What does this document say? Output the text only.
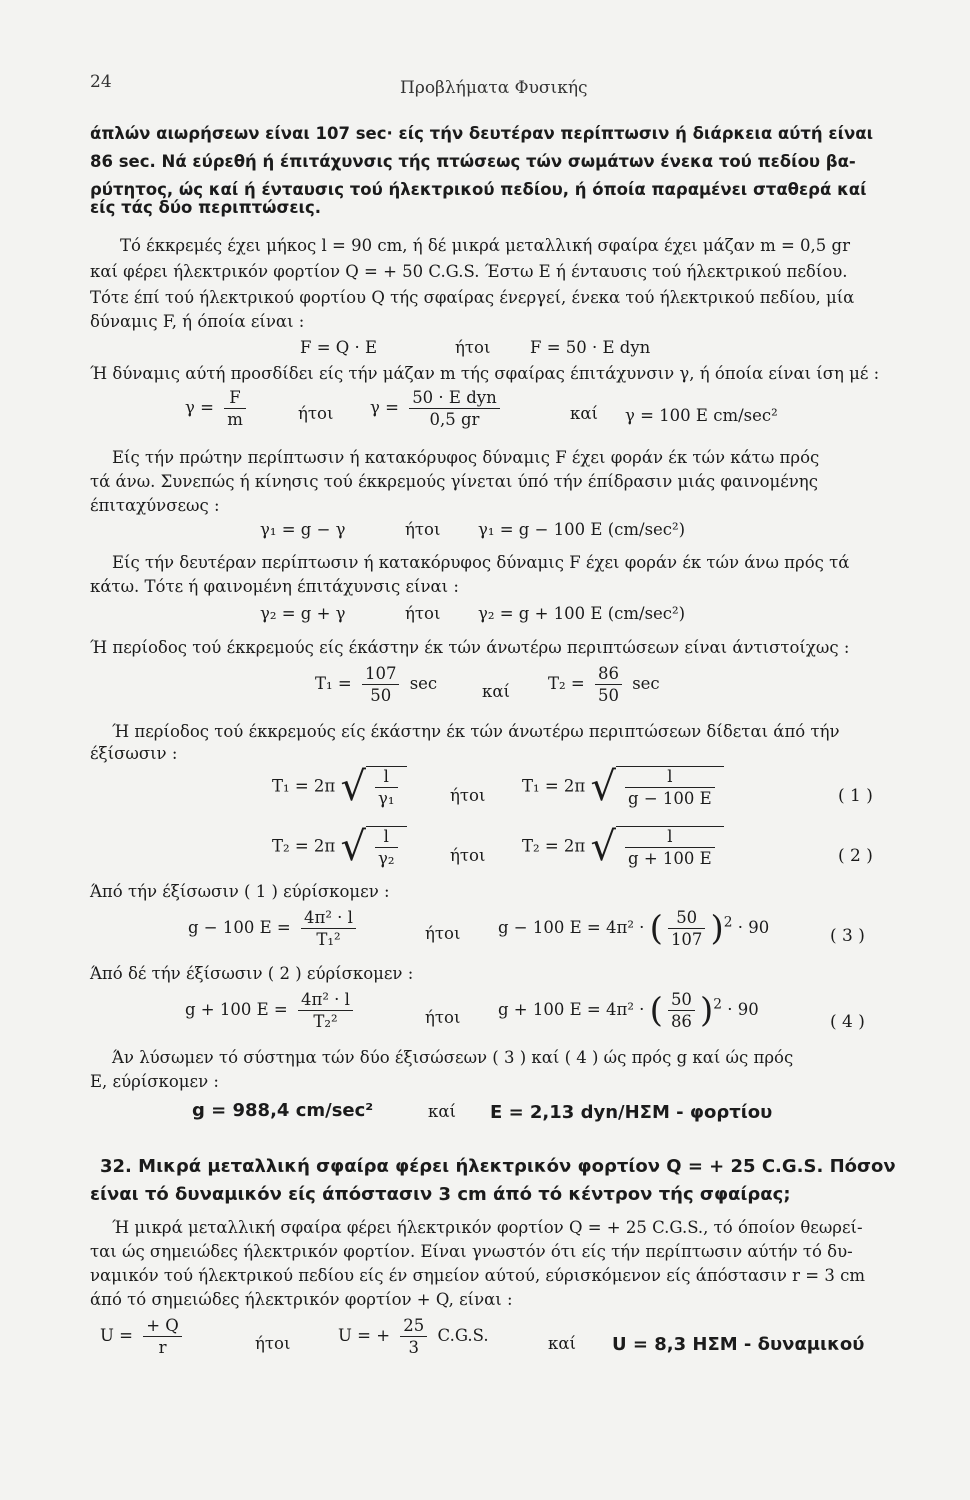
24	Προβλήματα Φυσικής
άπλών αιωρήσεων είναι 107 sec· είς τήν δευτέραν περίπτωσιν ή διάρκεια αύτή είναι
86 sec. Νά εύρεθή ή έπιτάχυνσις τής πτώσεως τών σωμάτων ένεκα τού πεδίου βα-
ρύτητος, ώς καί ή ένταυσις τού ήλεκτρικού πεδίου, ή όποία παραμένει σταθερά καί
είς τάς δύο περιπτώσεις.
Τό έκκρεμές έχει μήκος l = 90 cm, ή δέ μικρά μεταλλική σφαίρα έχει μάζαν m = 0,5 gr
καί φέρει ήλεκτρικόν φορτίον Q = + 50 C.G.S. Έστω E ή ένταυσις τού ήλεκτρικού πεδίου.
Τότε έπί τού ήλεκτρικού φορτίου Q τής σφαίρας ένεργεί, ένεκα τού ήλεκτρικού πεδίου, μία
δύναμις F, ή όποία είναι :
F = Q · E	ήτοι F = 50 · E dyn
Ή δύναμις αύτή προσδίδει είς τήν μάζαν m τής σφαίρας έπιτάχυνσιν γ, ή όποία είναι ίση μέ :
$\gamma = \frac{F}{m}$	ήτοι $\gamma = \frac{\text{50 · E dyn}}{0,5 gr}$	καί γ = 100 E cm/sec²
Είς τήν πρώτην περίπτωσιν ή κατακόρυφος δύναμις F έχει φοράν έκ τών κάτω πρός
τά άνω. Συνεπώς ή κίνησις τού έκκρεμούς γίνεται ύπό τήν έπίδρασιν μιάς φαινομένης
έπιταχύνσεως :
γ₁ = g − γ	ήτοι γ₁ = g − 100 E (cm/sec²)
Είς τήν δευτέραν περίπτωσιν ή κατακόρυφος δύναμις F έχει φοράν έκ τών άνω πρός τά
κάτω. Τότε ή φαινομένη έπιτάχυνσις είναι :
γ₂ = g + γ	ήτοι γ₂ = g + 100 E (cm/sec²)
Ή περίοδος τού έκκρεμούς είς έκάστην έκ τών άνωτέρω περιπτώσεων είναι άντιστοίχως :
$T_1 = \frac{107}{50}$ sec	καί $T_2 = \frac{86}{50}$ sec
Ή περίοδος τού έκκρεμούς είς έκάστην έκ τών άνωτέρω περιπτώσεων δίδεται άπό τήν
έξίσωσιν :
T₁ = 2π √ $\frac{l}{\text{γ₁}}$	ήτοι T₁ = 2π √ $\frac{l}{g - 100 E}$	( 1 )
T₂ = 2π √ $\frac{l}{\text{γ₂}}$	ήτοι T₂ = 2π √ $\frac{l}{g + 100 E}$	( 2 )
Άπό τήν έξίσωσιν ( 1 ) εύρίσκομεν :
g − 100 $E = \frac{\text{4π² · l}}{\text{T₁²}}$	ήτοι g − 100 E = 4π² · ( $\frac{50}{107} )^2 \cdot 90$	( 3 )
Άπό δέ τήν έξίσωσιν ( 2 ) εύρίσκομεν :
g + 100 $E = \frac{\text{4π² · l}}{\text{T₂²}}$	ήτοι g + 100 E = 4π² · ( $\frac{50}{86} )^2 \cdot 90$
( 4 )
Άν λύσωμεν τό σύστημα τών δύο έξισώσεων ( 3 ) καί ( 4 ) ώς πρός g καί ώς πρός
E, εύρίσκομεν :
g = 988,4 cm/sec²	καί E = 2,13 dyn/ΗΣΜ - φορτίου
32. Μικρά μεταλλική σφαίρα φέρει ήλεκτρικόν φορτίον Q = + 25 C.G.S. Πόσον
είναι τό δυναμικόν είς άπόστασιν 3 cm άπό τό κέντρον τής σφαίρας;
Ή μικρά μεταλλική σφαίρα φέρει ήλεκτρικόν φορτίον Q = + 25 C.G.S., τό όποίον θεωρεί-
ται ώς σημειώδες ήλεκτρικόν φορτίον. Είναι γνωστόν ότι είς τήν περίπτωσιν αύτήν τό δυ-
ναμικόν τού ήλεκτρικού πεδίου είς έν σημείον αύτού, εύρισκόμενον είς άπόστασιν r = 3 cm
άπό τό σημειώδες ήλεκτρικόν φορτίον + Q, είναι :
$U = \frac{+ Q}{r}$	ήτοι	U = + $\frac{25}{3} C.G.S$.	καί U = 8,3 ΗΣΜ - δυναμικού
